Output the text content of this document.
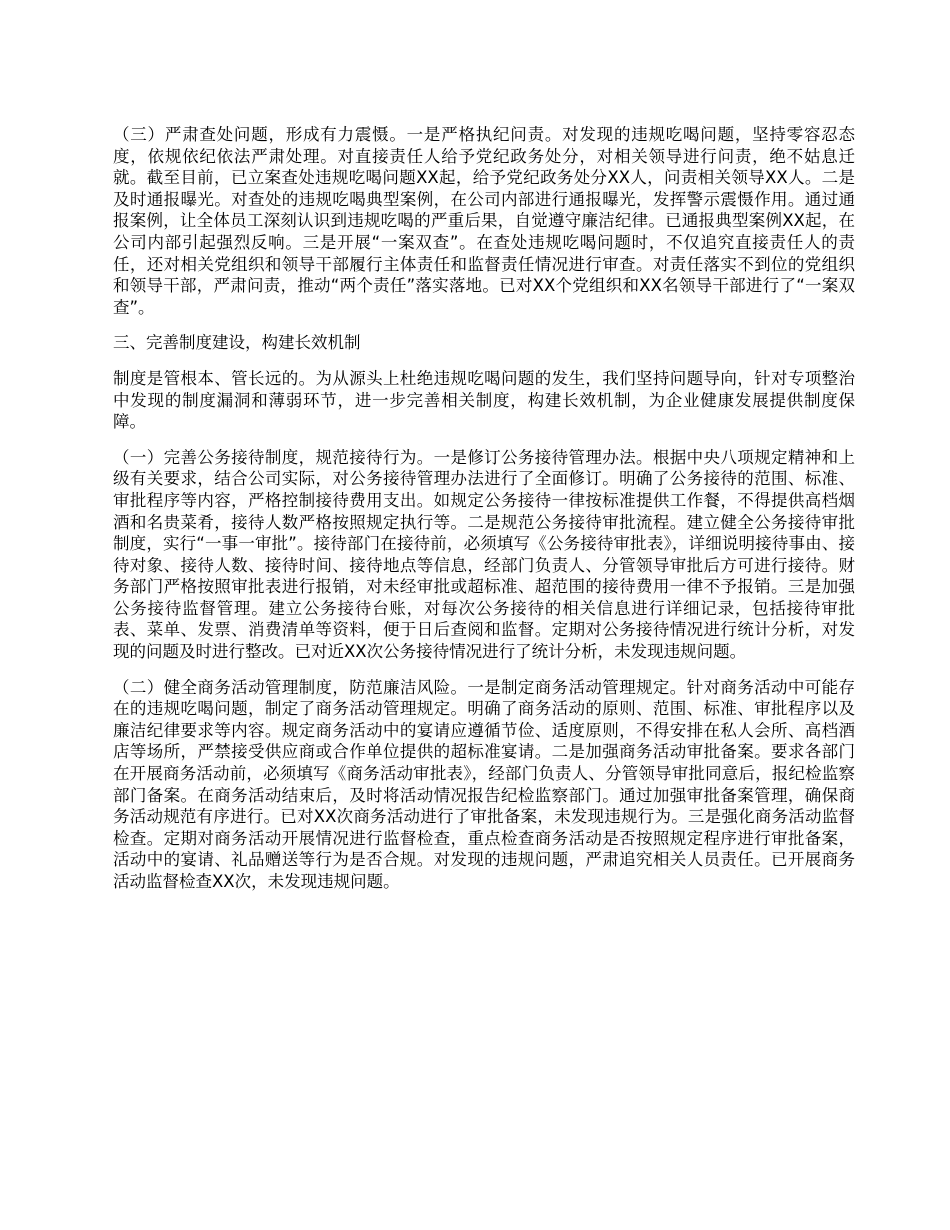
（三）严肃查处问题，形成有力震慑。一是严格执纪问责。对发现的违规吃喝问题，坚持零容忍态度，依规依纪依法严肃处理。对直接责任人给予党纪政务处分，对相关领导进行问责，绝不姑息迁就。截至目前，已立案查处违规吃喝问题XX起，给予党纪政务处分XX人，问责相关领导XX人。二是及时通报曝光。对查处的违规吃喝典型案例，在公司内部进行通报曝光，发挥警示震慑作用。通过通报案例，让全体员工深刻认识到违规吃喝的严重后果，自觉遵守廉洁纪律。已通报典型案例XX起，在公司内部引起强烈反响。三是开展“一案双查”。在查处违规吃喝问题时，不仅追究直接责任人的责任，还对相关党组织和领导干部履行主体责任和监督责任情况进行审查。对责任落实不到位的党组织和领导干部，严肃问责，推动“两个责任”落实落地。已对XX个党组织和XX名领导干部进行了“一案双查”。

三、完善制度建设，构建长效机制

制度是管根本、管长远的。为从源头上杜绝违规吃喝问题的发生，我们坚持问题导向，针对专项整治中发现的制度漏洞和薄弱环节，进一步完善相关制度，构建长效机制，为企业健康发展提供制度保障。

（一）完善公务接待制度，规范接待行为。一是修订公务接待管理办法。根据中央八项规定精神和上级有关要求，结合公司实际，对公务接待管理办法进行了全面修订。明确了公务接待的范围、标准、审批程序等内容，严格控制接待费用支出。如规定公务接待一律按标准提供工作餐，不得提供高档烟酒和名贵菜肴，接待人数严格按照规定执行等。二是规范公务接待审批流程。建立健全公务接待审批制度，实行“一事一审批”。接待部门在接待前，必须填写《公务接待审批表》，详细说明接待事由、接待对象、接待人数、接待时间、接待地点等信息，经部门负责人、分管领导审批后方可进行接待。财务部门严格按照审批表进行报销，对未经审批或超标准、超范围的接待费用一律不予报销。三是加强公务接待监督管理。建立公务接待台账，对每次公务接待的相关信息进行详细记录，包括接待审批表、菜单、发票、消费清单等资料，便于日后查阅和监督。定期对公务接待情况进行统计分析，对发现的问题及时进行整改。已对近XX次公务接待情况进行了统计分析，未发现违规问题。

（二）健全商务活动管理制度，防范廉洁风险。一是制定商务活动管理规定。针对商务活动中可能存在的违规吃喝问题，制定了商务活动管理规定。明确了商务活动的原则、范围、标准、审批程序以及廉洁纪律要求等内容。规定商务活动中的宴请应遵循节俭、适度原则，不得安排在私人会所、高档酒店等场所，严禁接受供应商或合作单位提供的超标准宴请。二是加强商务活动审批备案。要求各部门在开展商务活动前，必须填写《商务活动审批表》，经部门负责人、分管领导审批同意后，报纪检监察部门备案。在商务活动结束后，及时将活动情况报告纪检监察部门。通过加强审批备案管理，确保商务活动规范有序进行。已对XX次商务活动进行了审批备案，未发现违规行为。三是强化商务活动监督检查。定期对商务活动开展情况进行监督检查，重点检查商务活动是否按照规定程序进行审批备案，活动中的宴请、礼品赠送等行为是否合规。对发现的违规问题，严肃追究相关人员责任。已开展商务活动监督检查XX次，未发现违规问题。
